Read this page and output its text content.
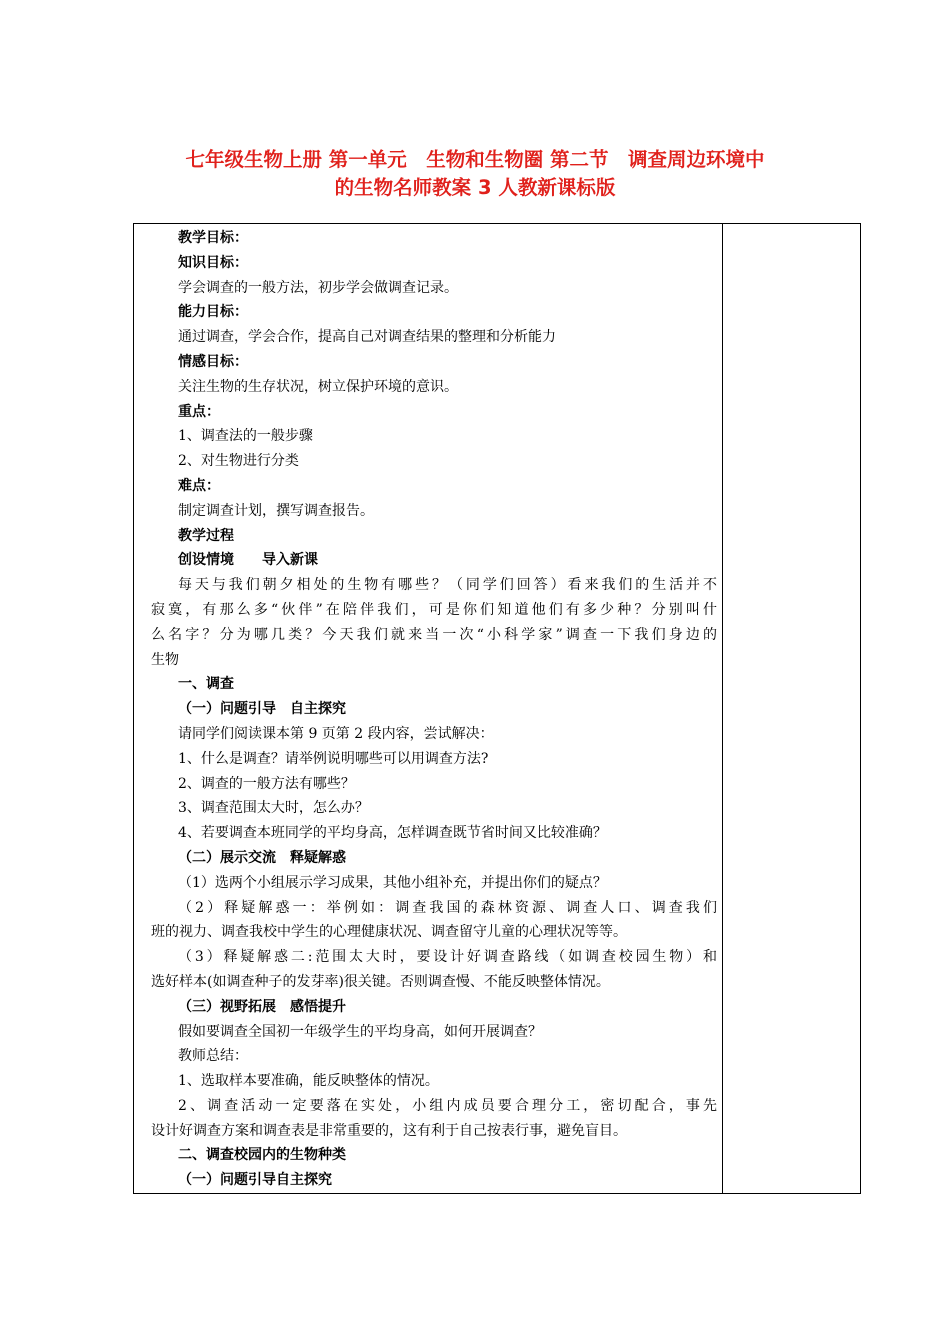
七年级生物上册 第一单元　生物和生物圈 第二节　调查周边环境中
的生物名师教案 3 人教新课标版
教学目标：
知识目标：
学会调查的一般方法，初步学会做调查记录。
能力目标：
通过调查，学会合作，提高自己对调查结果的整理和分析能力
情感目标：
关注生物的生存状况，树立保护环境的意识。
重点：
1、调查法的一般步骤
2、对生物进行分类
难点：
制定调查计划，撰写调查报告。
教学过程
创设情境　　导入新课
每天与我们朝夕相处的生物有哪些？（同学们回答）看来我们的生活并不
寂寞，有那么多“伙伴”在陪伴我们，可是你们知道他们有多少种？分别叫什
么名字？分为哪几类？今天我们就来当一次“小科学家”调查一下我们身边的
生物
一、调查
（一）问题引导　自主探究
请同学们阅读课本第 9 页第 2 段内容，尝试解决：
1、什么是调查？请举例说明哪些可以用调查方法?
2、调查的一般方法有哪些？
3、调查范围太大时，怎么办？
4、若要调查本班同学的平均身高，怎样调查既节省时间又比较准确？
（二）展示交流　释疑解惑
（1）选两个小组展示学习成果，其他小组补充，并提出你们的疑点？
（2）释疑解惑一：举例如：调查我国的森林资源、调查人口、调查我们
班的视力、调查我校中学生的心理健康状况、调查留守儿童的心理状况等等。
（3）释疑解惑二:范围太大时，要设计好调查路线（如调查校园生物）和
选好样本(如调查种子的发芽率)很关键。否则调查慢、不能反映整体情况。
（三）视野拓展　感悟提升
假如要调查全国初一年级学生的平均身高，如何开展调查？
教师总结：
1、选取样本要准确，能反映整体的情况。
2、调查活动一定要落在实处，小组内成员要合理分工，密切配合，事先
设计好调查方案和调查表是非常重要的，这有利于自己按表行事，避免盲目。
二、调查校园内的生物种类
（一）问题引导自主探究
